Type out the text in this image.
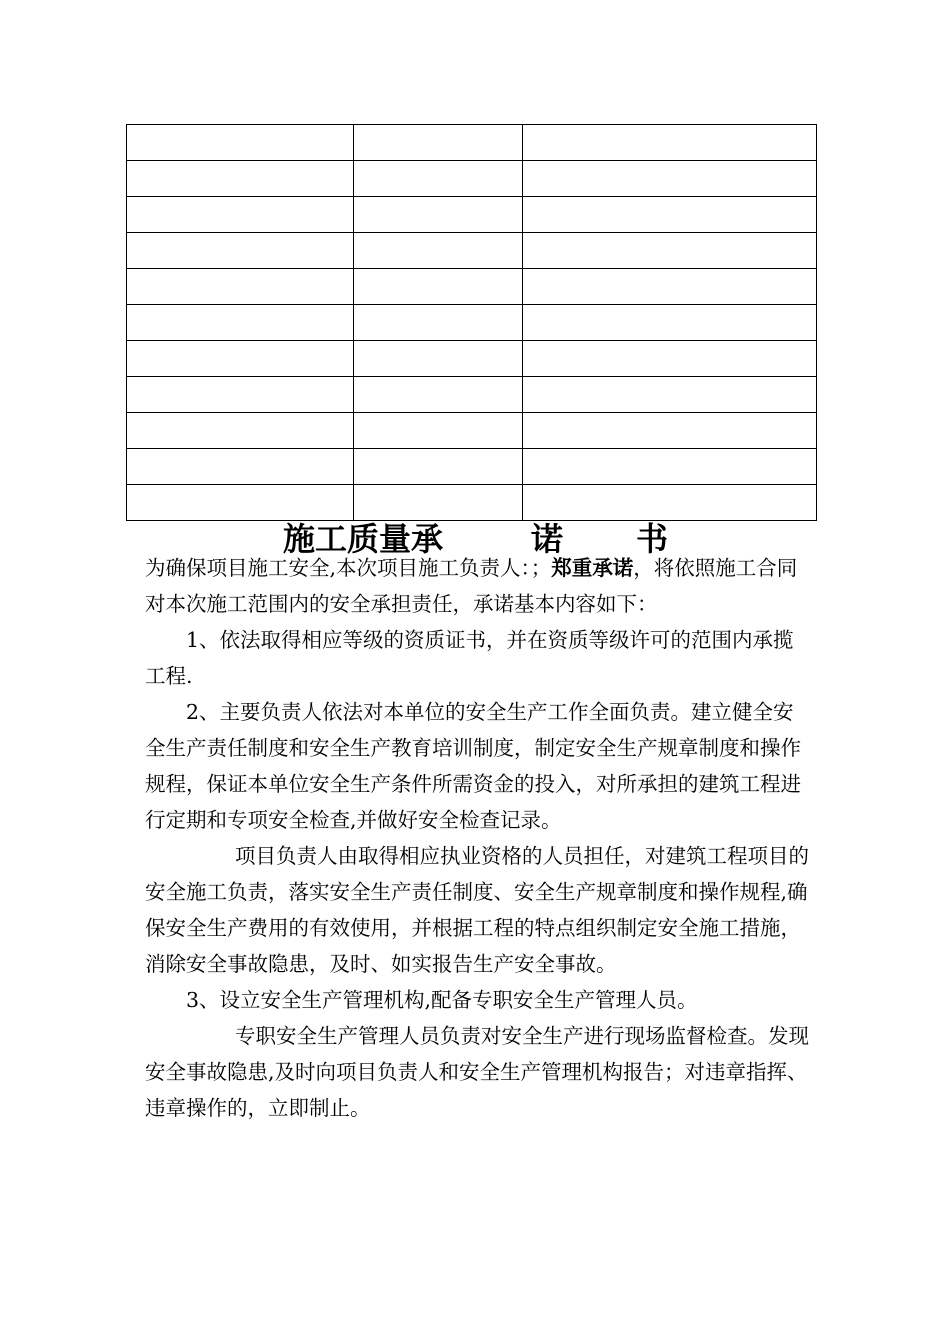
施工质量承	诺 书

为确保项目施工安全,本次项目施工负责人：；郑重承诺，将依照施工合同对本次施工范围内的安全承担责任，承诺基本内容如下：

1、依法取得相应等级的资质证书，并在资质等级许可的范围内承揽工程.

2、主要负责人依法对本单位的安全生产工作全面负责。建立健全安全生产责任制度和安全生产教育培训制度，制定安全生产规章制度和操作规程，保证本单位安全生产条件所需资金的投入，对所承担的建筑工程进行定期和专项安全检查,并做好安全检查记录。

项目负责人由取得相应执业资格的人员担任，对建筑工程项目的安全施工负责，落实安全生产责任制度、安全生产规章制度和操作规程,确保安全生产费用的有效使用，并根据工程的特点组织制定安全施工措施，消除安全事故隐患，及时、如实报告生产安全事故。

3、设立安全生产管理机构,配备专职安全生产管理人员。

专职安全生产管理人员负责对安全生产进行现场监督检查。发现安全事故隐患,及时向项目负责人和安全生产管理机构报告；对违章指挥、违章操作的，立即制止。
